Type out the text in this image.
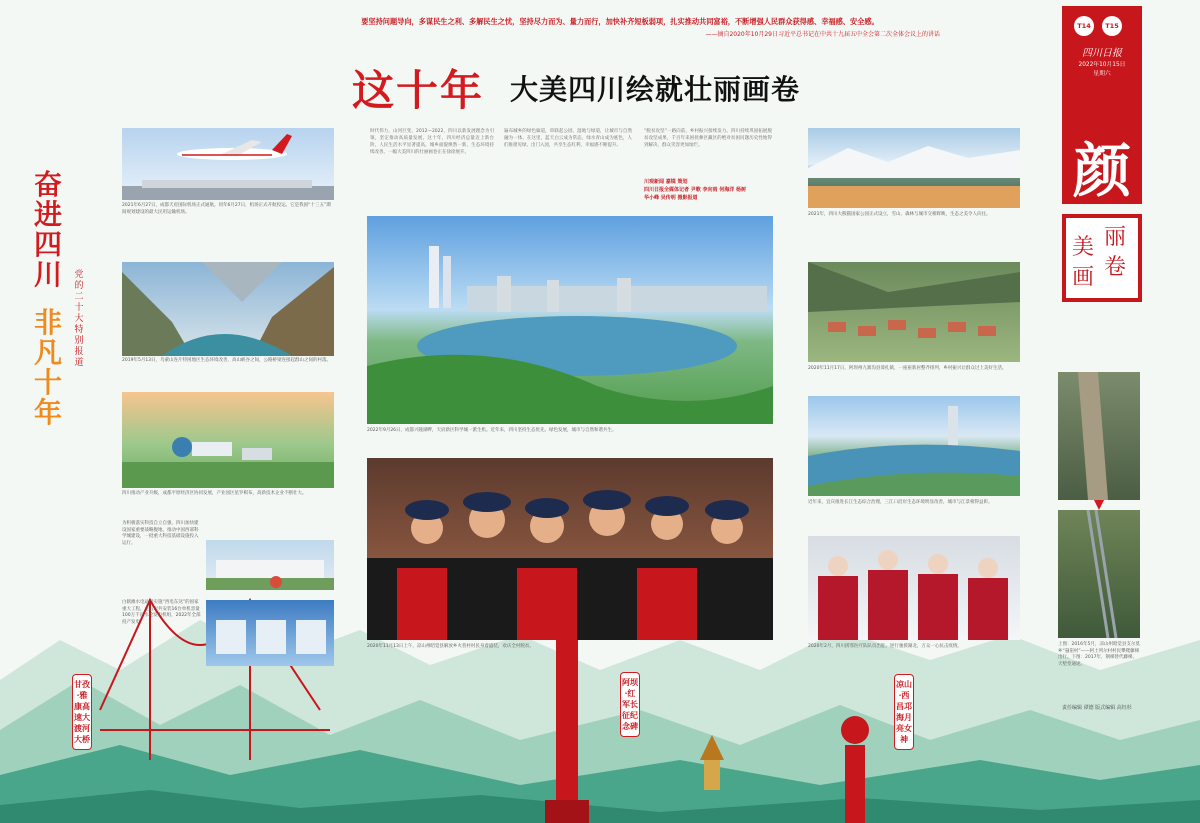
要坚持问题导向，多谋民生之利、多解民生之忧，坚持尽力而为、量力而行，加快补齐短板弱项，扎实推动共同富裕，不断增强人民群众获得感、幸福感、安全感。
——摘自2020年10月29日习近平总书记在中共十九届五中全会第二次全体会议上的讲话
这十年 大美四川绘就壮丽画卷
T14	T15
四川日报
2022年10月15日
星期六
颜
丽
卷
美
画
奋进四川
非凡十年
党的二十大特别报道
2021年6月27日，成都天府国际机场正式通航。同年6月27日，机场正式开航投运。它是我国“十三五”期间规划建设的最大民用运输机场。
2019年5月13日，乌蒙山连片特困地区生态环境改善，高山峡谷之间，公路桥梁连接起群山之间的村落。
四川推动产业升级，成都平原经济区协同发展，产业园区星罗棋布，高新技术企业不断壮大。
为积极落实科技自立自强，四川加快建设国家重要战略腹地，推动中国西部科学城建设，一批重大科技基础设施投入运行。
白鹤滩水电站是实施“西电东送”的国家重大工程，左右岸共安装16台单机容量100万千瓦水轮发电机组，2022年全部投产发电。
时代伟力，山河巨变。2012—2022，四川以新发展理念为引领，坚定推动高质量发展。这十年，四川经济总量迈上新台阶，人民生活水平显著提高，城乡面貌焕然一新，生态环境持续改善。一幅大美四川的壮丽画卷正在徐徐展开。
遍布城乡的绿色廊道，串联起公园、湿地与绿道，让城市与自然融为一体。在这里，蓝天白云成为常态，绿水青山成为底色，人们推窗见绿、出门入园，共享生态红利，幸福感不断提升。
“脱贫攻坚”一路向前，乡村振兴接续发力。四川持续巩固拓展脱贫攻坚成果，千百年来困扰彝区藏区的绝对贫困问题历史性地得到解决，群众笑容更加灿烂。
川观新闻 嘉镜 策划
四川日报全媒体记者 尹歌 李向雨 何海洋 杨树
华小峰 吴传明 摄影报道
2022年9月26日，成都兴隆湖畔，天府新区科学城一派生机。近年来，四川坚持生态优先、绿色发展，城市与自然和谐共生。
2020年11月13日上午，凉山州昭觉县解放乡火普村村民身着盛装，欢庆全村脱贫。
2021年，四川大熊猫国家公园正式设立，雪山、森林与城市交相辉映，生态之美令人向往。
2020年11月17日，阿坝州九寨沟县漳扎镇，一座座新居整齐排列，乡村振兴让群众过上美好生活。
近年来，宜宾推进长江生态综合治理，三江口沿岸生态环境明显改善，城市与江景相得益彰。
2020年2月，四川援鄂医疗队队员出征，逆行驰援湖北，万众一心抗击疫情。	上图：2016年5月，凉山州昭觉县支尔莫乡“悬崖村”——阿土列尔村村民攀爬藤梯出行。下图：2017年，钢梯替代藤梯，天堑变通途。
甘孜·雅康高速大渡河大桥
阿坝·红军长征纪念碑
凉山·西昌邛海月亮女神
责任编辑 谭德 版式编辑 高钰杉
